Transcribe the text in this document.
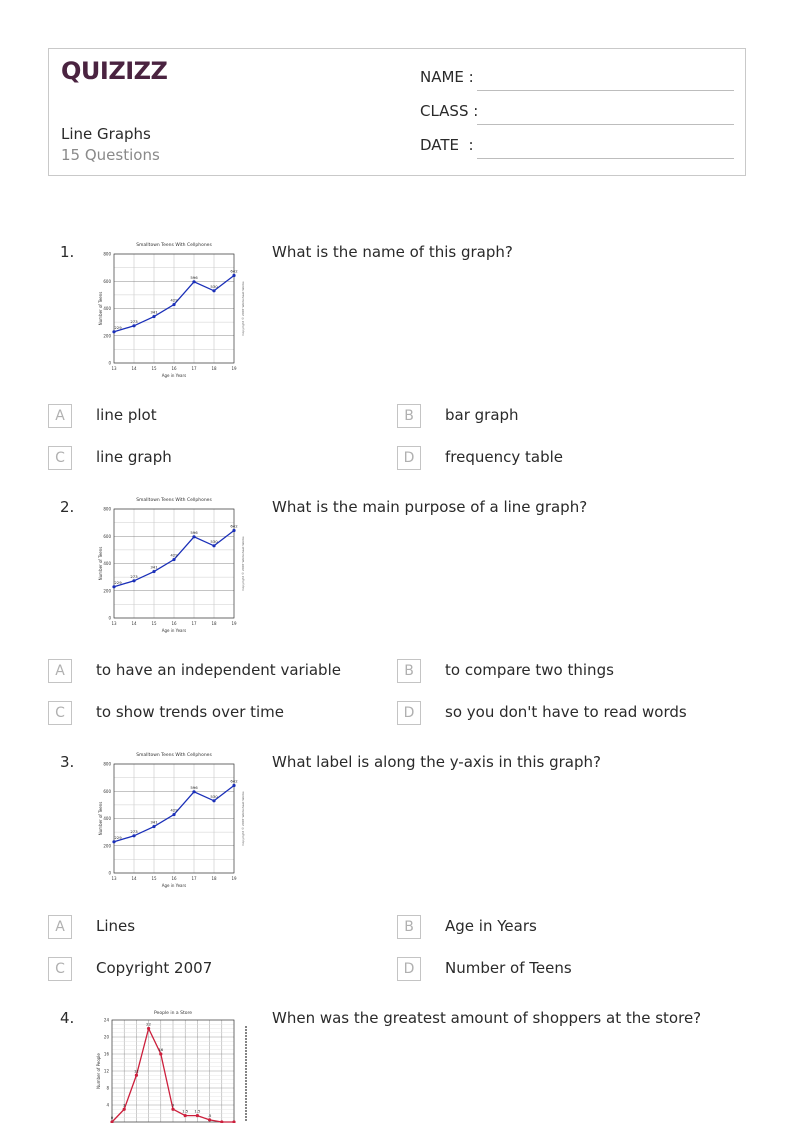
QUIZIZZ
Line Graphs
15 Questions
NAME :
CLASS :
DATE  :
1.	Smalltown Teens With Cellphones
0
200
400
600
800
13	14	15	16	17	18	19
Age in Years
Number of Teens	Copyright © 2007 Worksheet Works
229
273
341
429
596
530
642
What is the name of this graph?
A	line plot	B	bar graph
C	line graph	D	frequency table
2.	Smalltown Teens With Cellphones
0
200
400
600
800
13	14	15	16	17	18	19
Age in Years
Number of Teens	Copyright © 2007 Worksheet Works
229
273
341
429
596
530
642
What is the main purpose of a line graph?
A	to have an independent variable	B	to compare two things
C	to show trends over time	D	so you don't have to read words
3.	Smalltown Teens With Cellphones
0
200
400
600
800
13	14	15	16	17	18	19
Age in Years
Number of Teens	Copyright © 2007 Worksheet Works
229
273
341
429
596
530
642
What label is along the y-axis in this graph?
A	Lines	B	Age in Years
C	Copyright 2007	D	Number of Teens
4.	People in a Store
4
8
12
16
20
24
Number of People
0
3
11
22
16
3
1.5 1.5
.5
When was the greatest amount of shoppers at the store?
